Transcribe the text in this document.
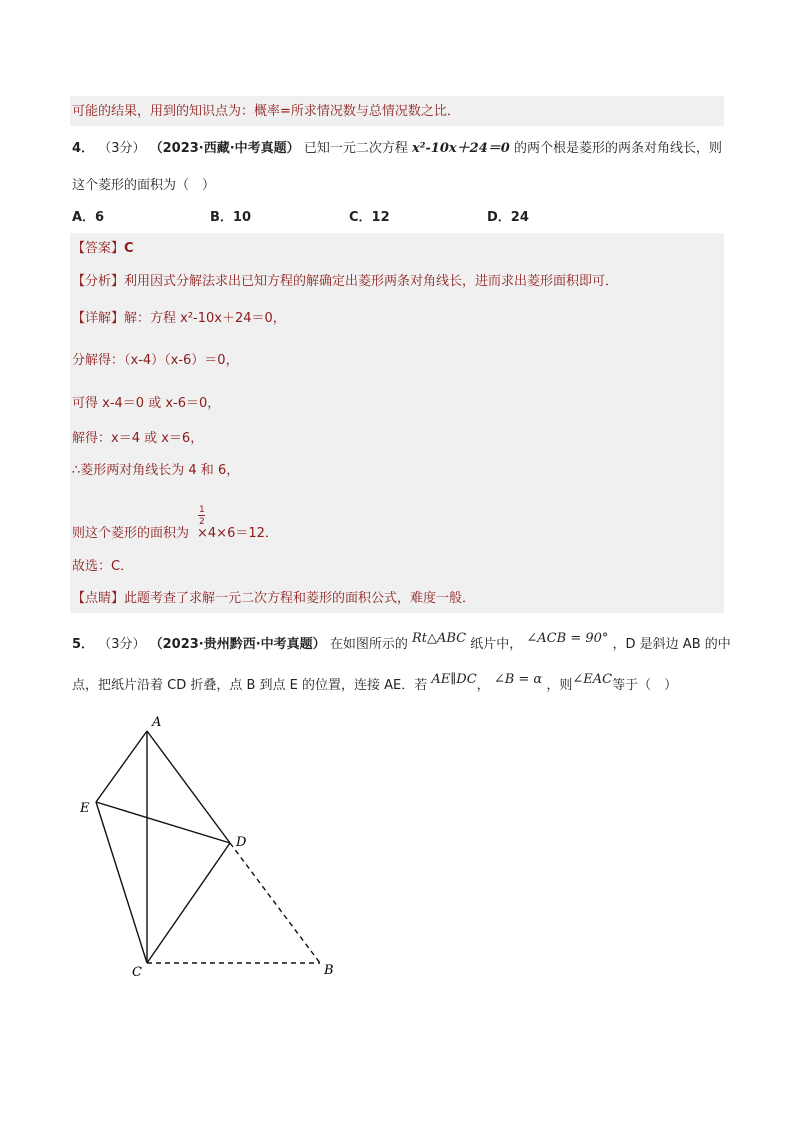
可能的结果，用到的知识点为：概率=所求情况数与总情况数之比．
4． （3分） （2023·西藏·中考真题） 已知一元二次方程 x²-10x＋24＝0 的两个根是菱形的两条对角线长，则
这个菱形的面积为（　）
A．6	B．10	C．12	D．24
【答案】C
【分析】利用因式分解法求出已知方程的解确定出菱形两条对角线长，进而求出菱形面积即可．
【详解】解：方程 x²-10x＋24＝0，
分解得：（x-4）（x-6）＝0，
可得 x-4＝0 或 x-6＝0，
解得：x＝4 或 x＝6，
∴菱形两对角线长为 4 和 6，
1
2
则这个菱形的面积为 ×4×6＝12．
故选：C．
【点睛】此题考查了求解一元二次方程和菱形的面积公式，难度一般．
5． （3分） （2023·贵州黔西·中考真题） 在如图所示的 Rt△ABC 纸片中， ∠ACB = 90° ，D 是斜边 AB 的中
点，把纸片沿着 CD 折叠，点 B 到点 E 的位置，连接 AE．若 AE∥DC， ∠B = α ，则∠EAC等于（　）
A
E
D
C	B
